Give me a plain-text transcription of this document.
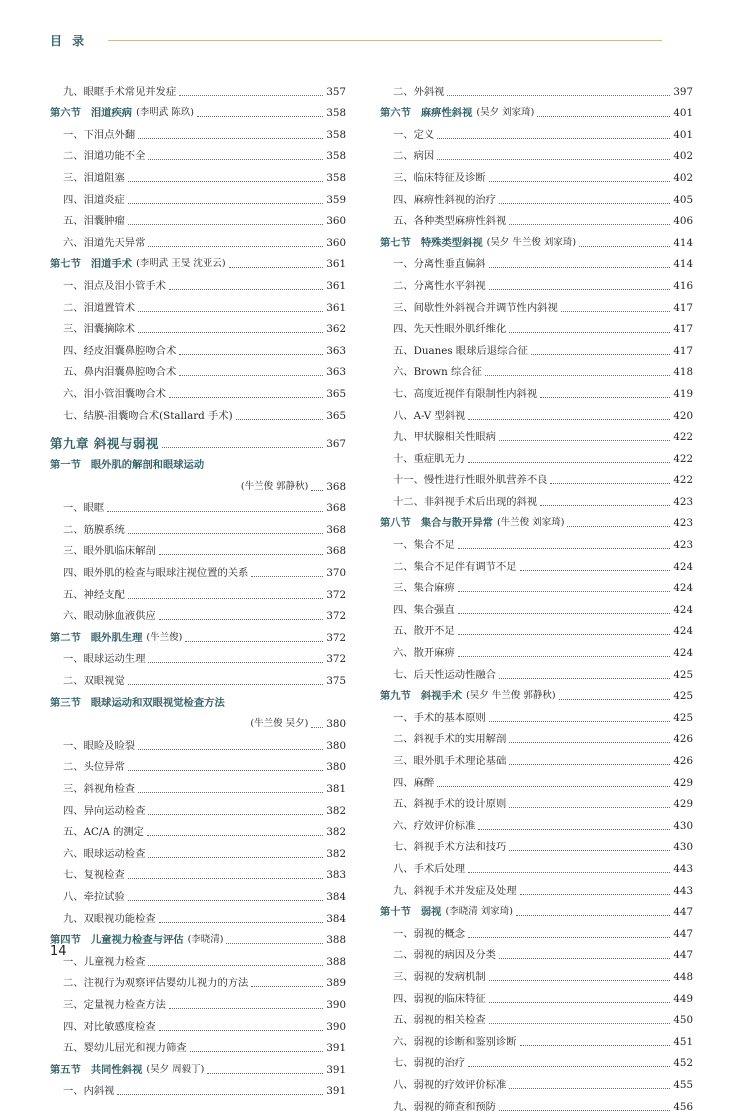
目 录
九、眼眶手术常见并发症	357
第六节 泪道疾病 (李明武 陈玖)	358
一、下泪点外翻	358
二、泪道功能不全	358
三、泪道阻塞	358
四、泪道炎症	359
五、泪囊肿瘤	360
六、泪道先天异常	360
第七节 泪道手术 (李明武 王旻 沈亚云)	361
一、泪点及泪小管手术	361
二、泪道置管术	361
三、泪囊摘除术	362
四、经皮泪囊鼻腔吻合术	363
五、鼻内泪囊鼻腔吻合术	363
六、泪小管泪囊吻合术	365
七、结膜-泪囊吻合术(Stallard 手术)	365
第九章 斜视与弱视	367
第一节 眼外肌的解剖和眼球运动
(牛兰俊 郭静秋) 368
一、眼眶	368
二、筋膜系统	368
三、眼外肌临床解剖	368
四、眼外肌的检查与眼球注视位置的关系	370
五、神经支配	372
六、眼动脉血液供应	372
第二节 眼外肌生理 (牛兰俊)	372
一、眼球运动生理	372
二、双眼视觉	375
第三节 眼球运动和双眼视觉检查方法
(牛兰俊 吴夕) 380
一、眼睑及睑裂	380
二、头位异常	380
三、斜视角检查	381
四、异向运动检查	382
五、AC/A 的测定	382
六、眼球运动检查	382
七、复视检查	383
八、牵拉试验	384
九、双眼视功能检查	384
第四节 儿童视力检查与评估 (李晓清)	388
一、儿童视力检查	388
二、注视行为观察评估婴幼儿视力的方法	389
三、定量视力检查方法	390
四、对比敏感度检查	390
五、婴幼儿屈光和视力筛查	391
第五节 共同性斜视 (吴夕 周毅丁)	391
一、内斜视	391
二、外斜视	397
第六节 麻痹性斜视 (吴夕 刘家琦)	401
一、定义	401
二、病因	402
三、临床特征及诊断	402
四、麻痹性斜视的治疗	405
五、各种类型麻痹性斜视	406
第七节 特殊类型斜视 (吴夕 牛兰俊 刘家琦)	414
一、分离性垂直偏斜	414
二、分离性水平斜视	416
三、间歇性外斜视合并调节性内斜视	417
四、先天性眼外肌纤维化	417
五、Duanes 眼球后退综合征	417
六、Brown 综合征	418
七、高度近视伴有限制性内斜视	419
八、A-V 型斜视	420
九、甲状腺相关性眼病	422
十、重症肌无力	422
十一、慢性进行性眼外肌营养不良	422
十二、非斜视手术后出现的斜视	423
第八节 集合与散开异常 (牛兰俊 刘家琦)	423
一、集合不足	423
二、集合不足伴有调节不足	424
三、集合麻痹	424
四、集合强直	424
五、散开不足	424
六、散开麻痹	424
七、后天性运动性融合	425
第九节 斜视手术 (吴夕 牛兰俊 郭静秋)	425
一、手术的基本原则	425
二、斜视手术的实用解剖	426
三、眼外肌手术理论基础	426
四、麻醉	429
五、斜视手术的设计原则	429
六、疗效评价标准	430
七、斜视手术方法和技巧	430
八、手术后处理	443
九、斜视手术并发症及处理	443
第十节 弱视 (李晓清 刘家琦)	447
一、弱视的概念	447
二、弱视的病因及分类	447
三、弱视的发病机制	448
四、弱视的临床特征	449
五、弱视的相关检查	450
六、弱视的诊断和鉴别诊断	451
七、弱视的治疗	452
八、弱视的疗效评价标准	455
九、弱视的筛查和预防	456
14
